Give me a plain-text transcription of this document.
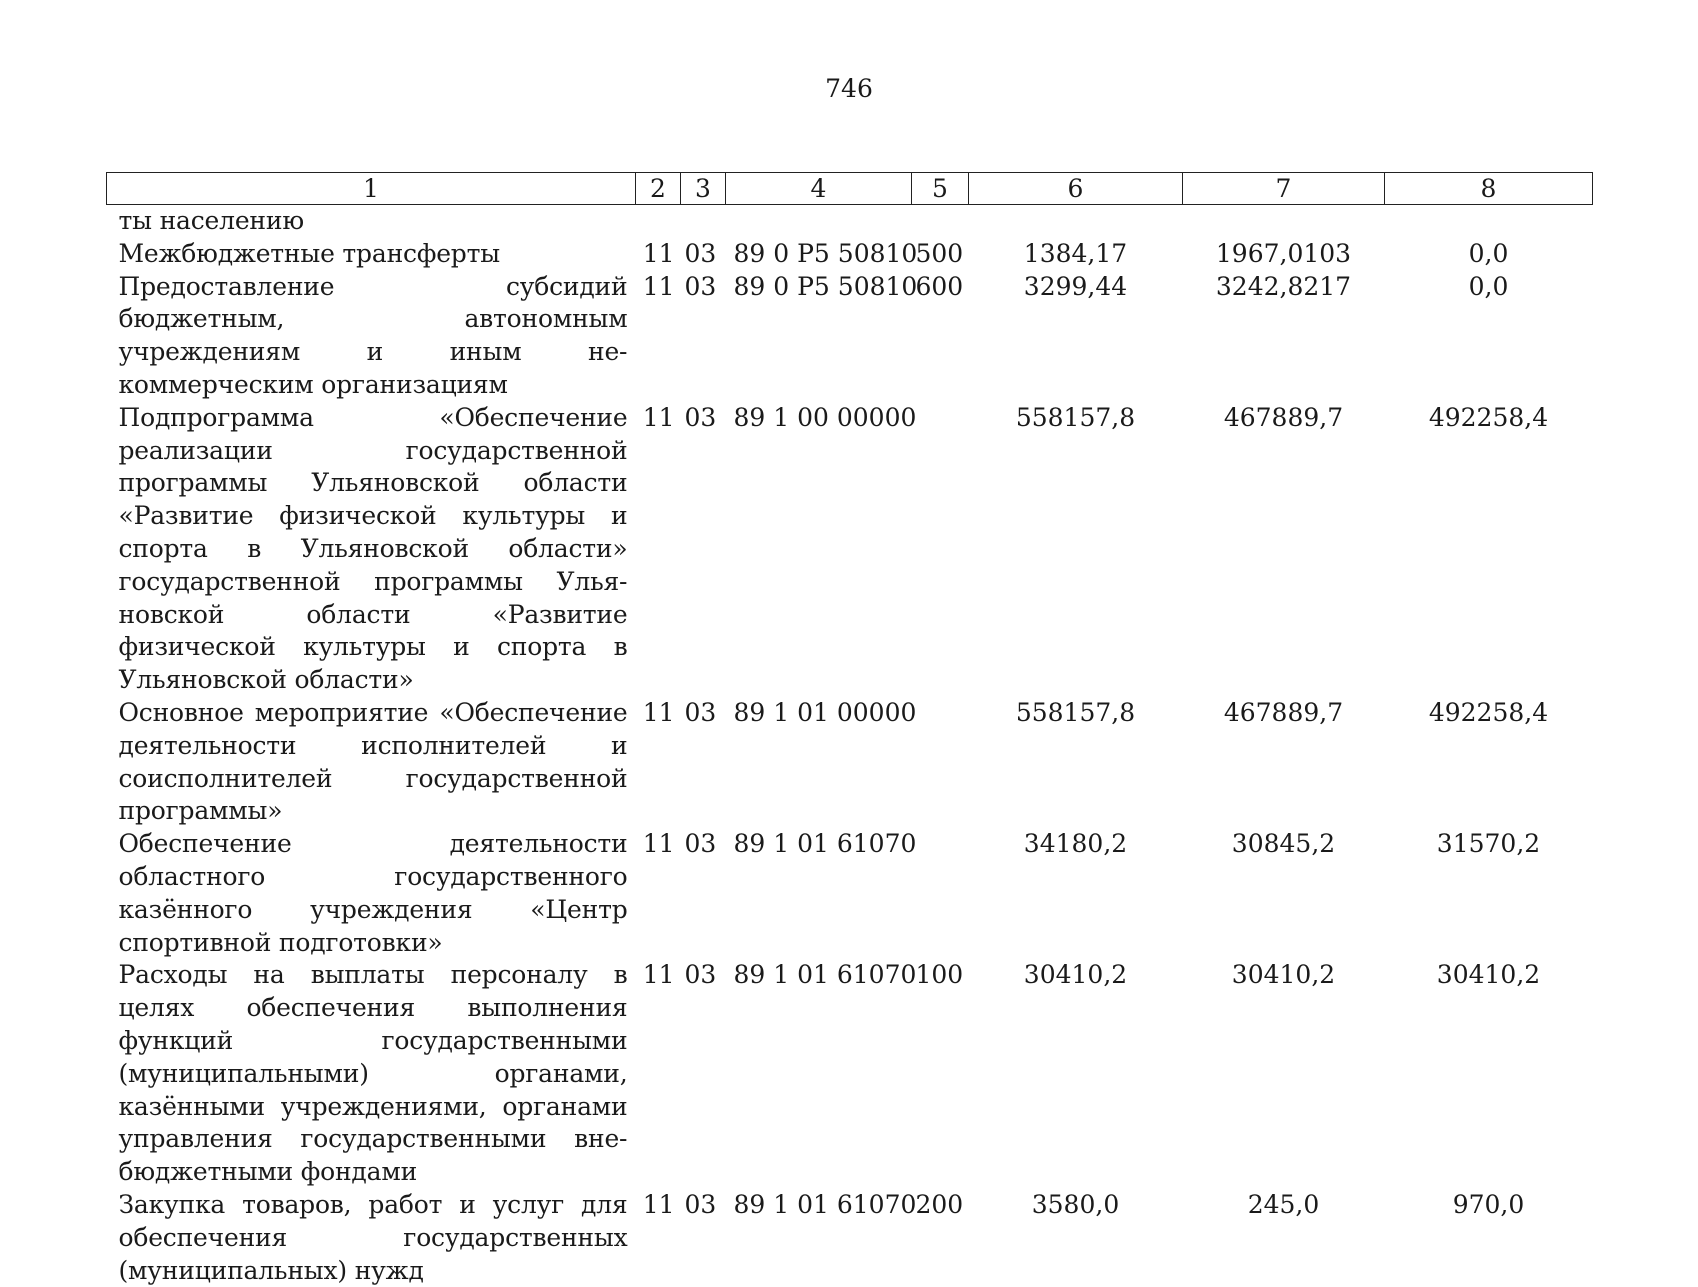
746
1	2	3	4	5	6	7	8
ты населению							
Межбюджетные трансферты	11	03	89 0 P5 50810	500	1384,17	1967,0103	0,0
Предоставление субсидий бюджетным, автономным учреждениям и иным некоммерческим организациям	11	03	89 0 P5 50810	600	3299,44	3242,8217	0,0
Подпрограмма «Обеспечение реализации государственной программы Ульяновской области «Развитие физической культуры и спорта в Ульяновской области» государственной программы Ульяновской области «Развитие физической культуры и спорта в Ульяновской области»	11	03	89 1 00 00000		558157,8	467889,7	492258,4
Основное мероприятие «Обеспечение деятельности исполнителей и соисполнителей государственной программы»	11	03	89 1 01 00000		558157,8	467889,7	492258,4
Обеспечение деятельности областного государственного казённого учреждения «Центр спортивной подготовки»	11	03	89 1 01 61070		34180,2	30845,2	31570,2
Расходы на выплаты персоналу в целях обеспечения выполнения функций государственными (муниципальными) органами, казёнными учреждениями, органами управления государственными внебюджетными фондами	11	03	89 1 01 61070	100	30410,2	30410,2	30410,2
Закупка товаров, работ и услуг для обеспечения государственных (муниципальных) нужд	11	03	89 1 01 61070	200	3580,0	245,0	970,0
